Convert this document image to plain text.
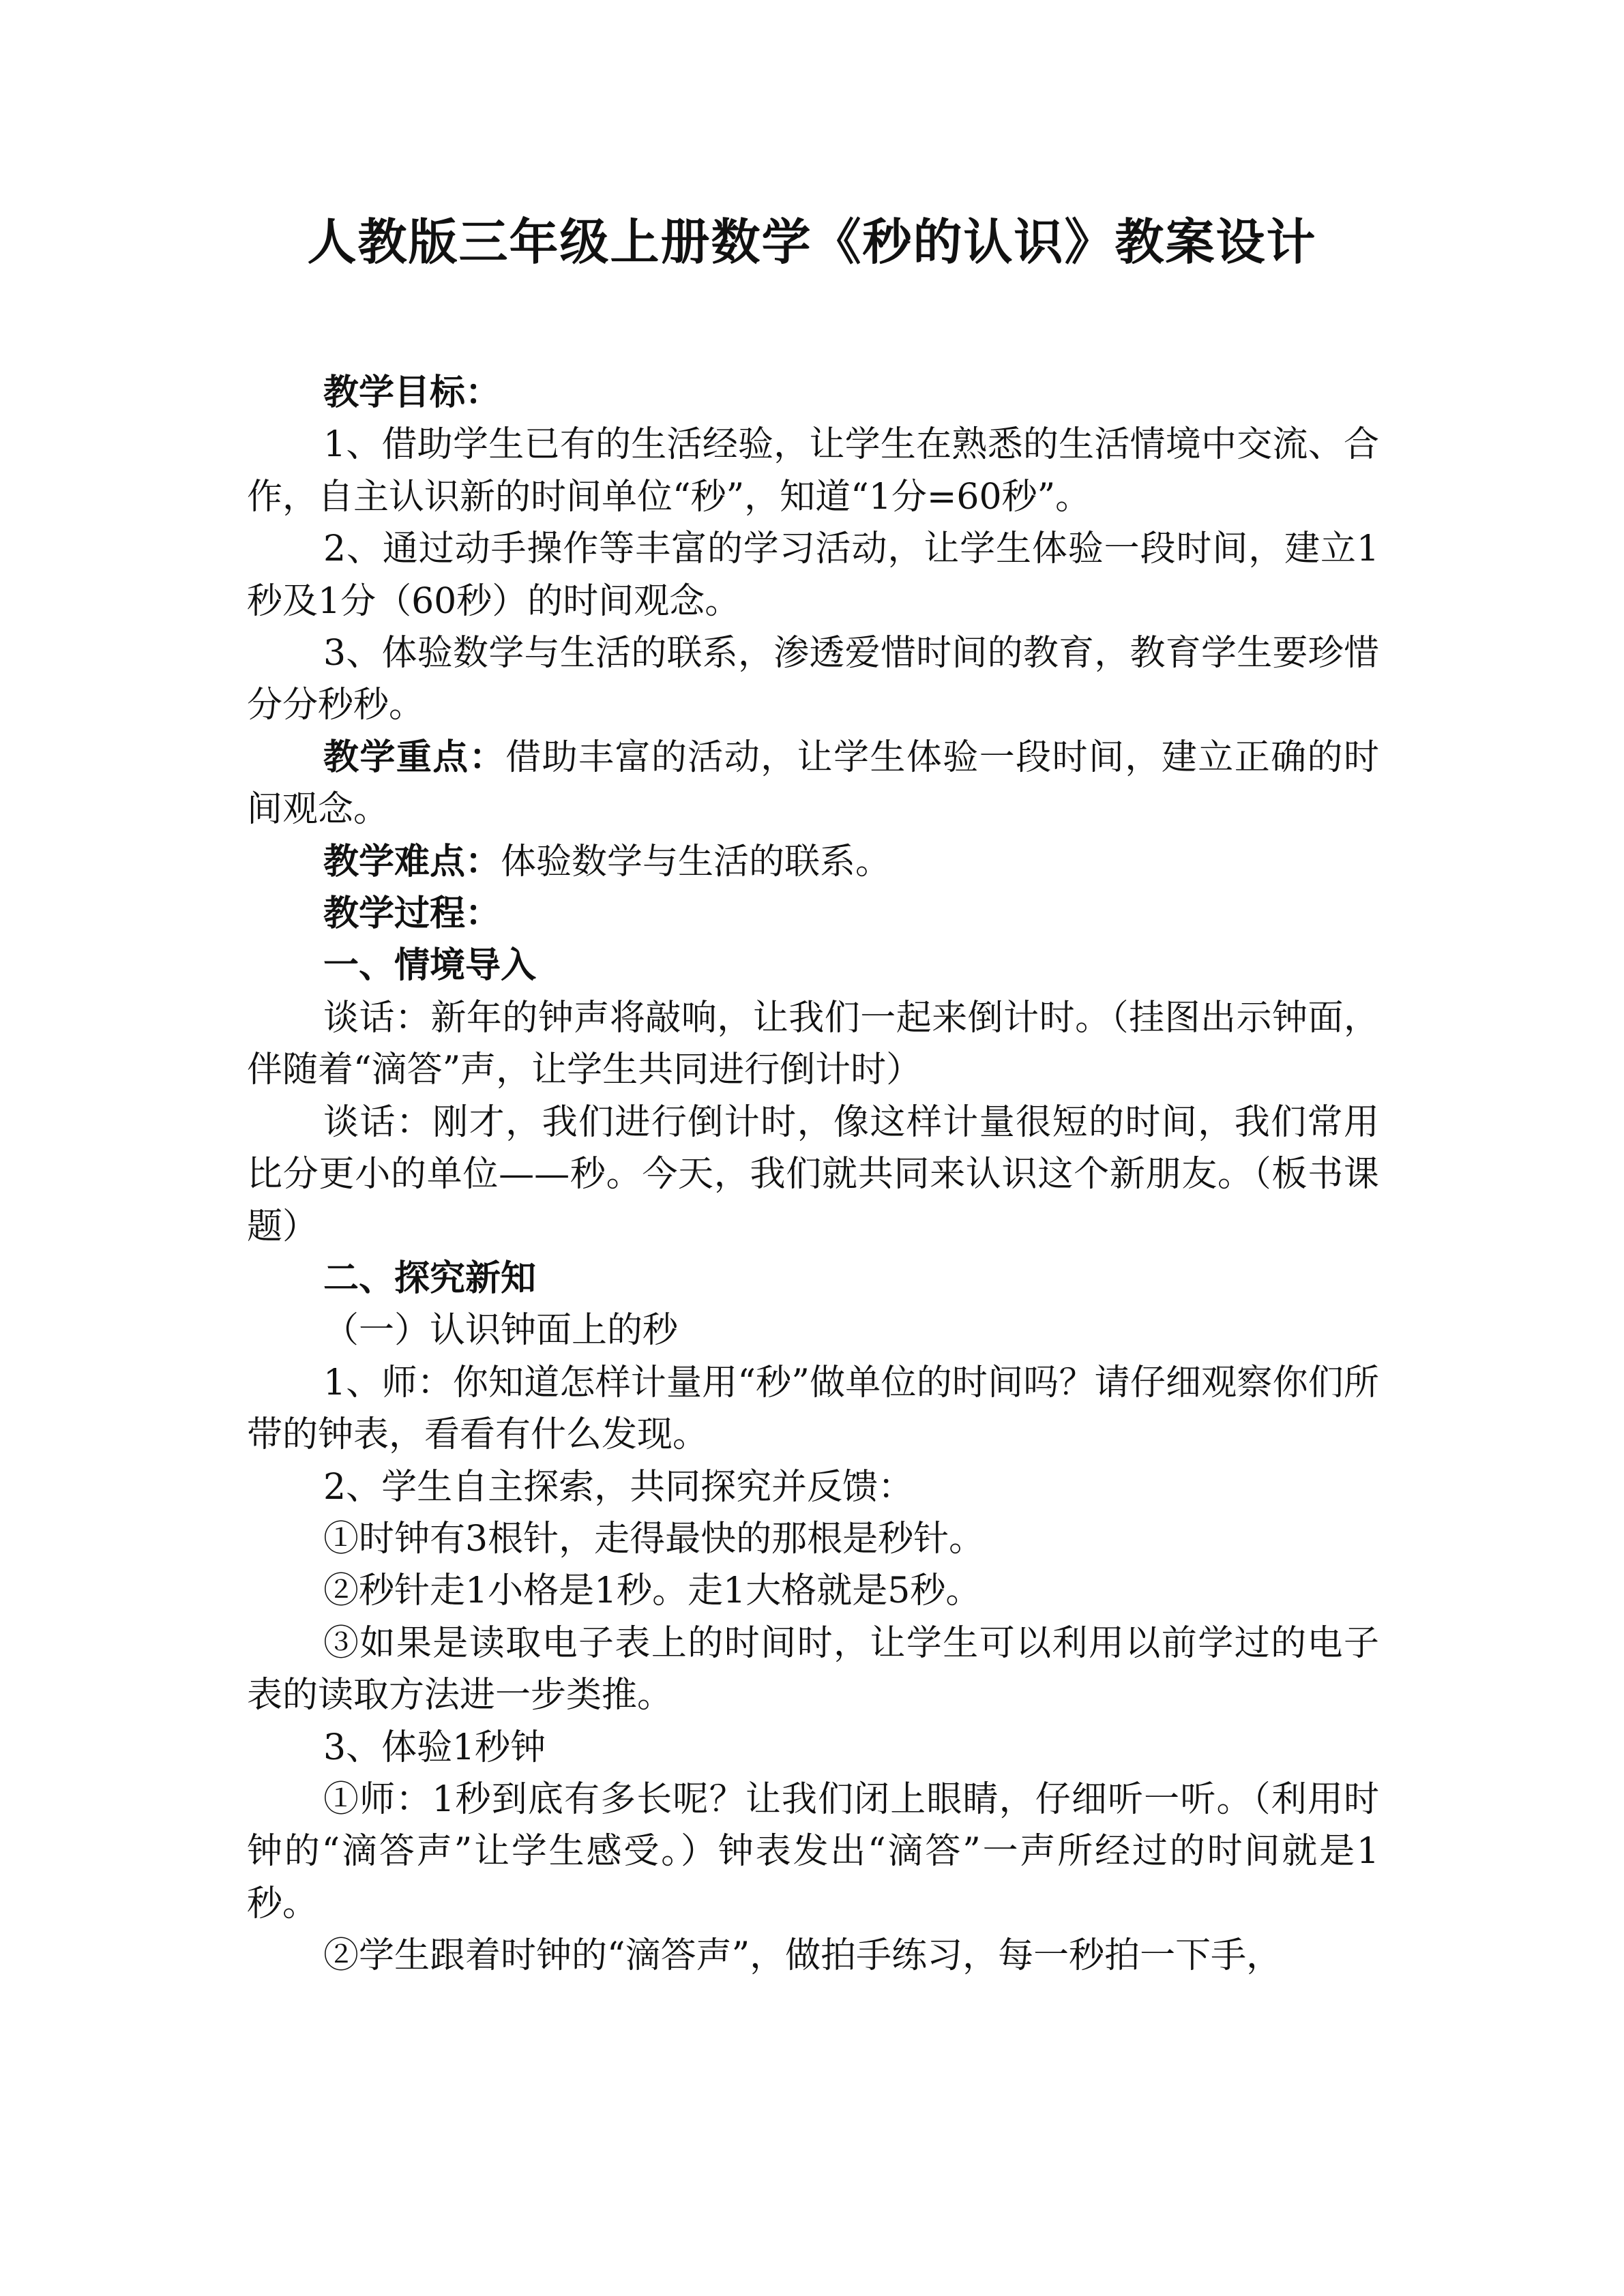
人教版三年级上册数学《秒的认识》教案设计

教学目标：

1、借助学生已有的生活经验，让学生在熟悉的生活情境中交流、合作，自主认识新的时间单位“秒”，知道“1分=60秒”。

2、通过动手操作等丰富的学习活动，让学生体验一段时间，建立1秒及1分（60秒）的时间观念。

3、体验数学与生活的联系，渗透爱惜时间的教育，教育学生要珍惜分分秒秒。

教学重点：借助丰富的活动，让学生体验一段时间，建立正确的时间观念。

教学难点：体验数学与生活的联系。

教学过程：

一、情境导入

谈话：新年的钟声将敲响，让我们一起来倒计时。（挂图出示钟面，伴随着“滴答”声，让学生共同进行倒计时）

谈话：刚才，我们进行倒计时，像这样计量很短的时间，我们常用比分更小的单位——秒。今天，我们就共同来认识这个新朋友。（板书课题）

二、探究新知

（一）认识钟面上的秒

1、师：你知道怎样计量用“秒”做单位的时间吗？请仔细观察你们所带的钟表，看看有什么发现。

2、学生自主探索，共同探究并反馈：

①时钟有3根针，走得最快的那根是秒针。

②秒针走1小格是1秒。走1大格就是5秒。

③如果是读取电子表上的时间时，让学生可以利用以前学过的电子表的读取方法进一步类推。

3、体验1秒钟

①师：1秒到底有多长呢？让我们闭上眼睛，仔细听一听。（利用时钟的“滴答声”让学生感受。）钟表发出“滴答”一声所经过的时间就是1秒。

②学生跟着时钟的“滴答声”，做拍手练习，每一秒拍一下手，
